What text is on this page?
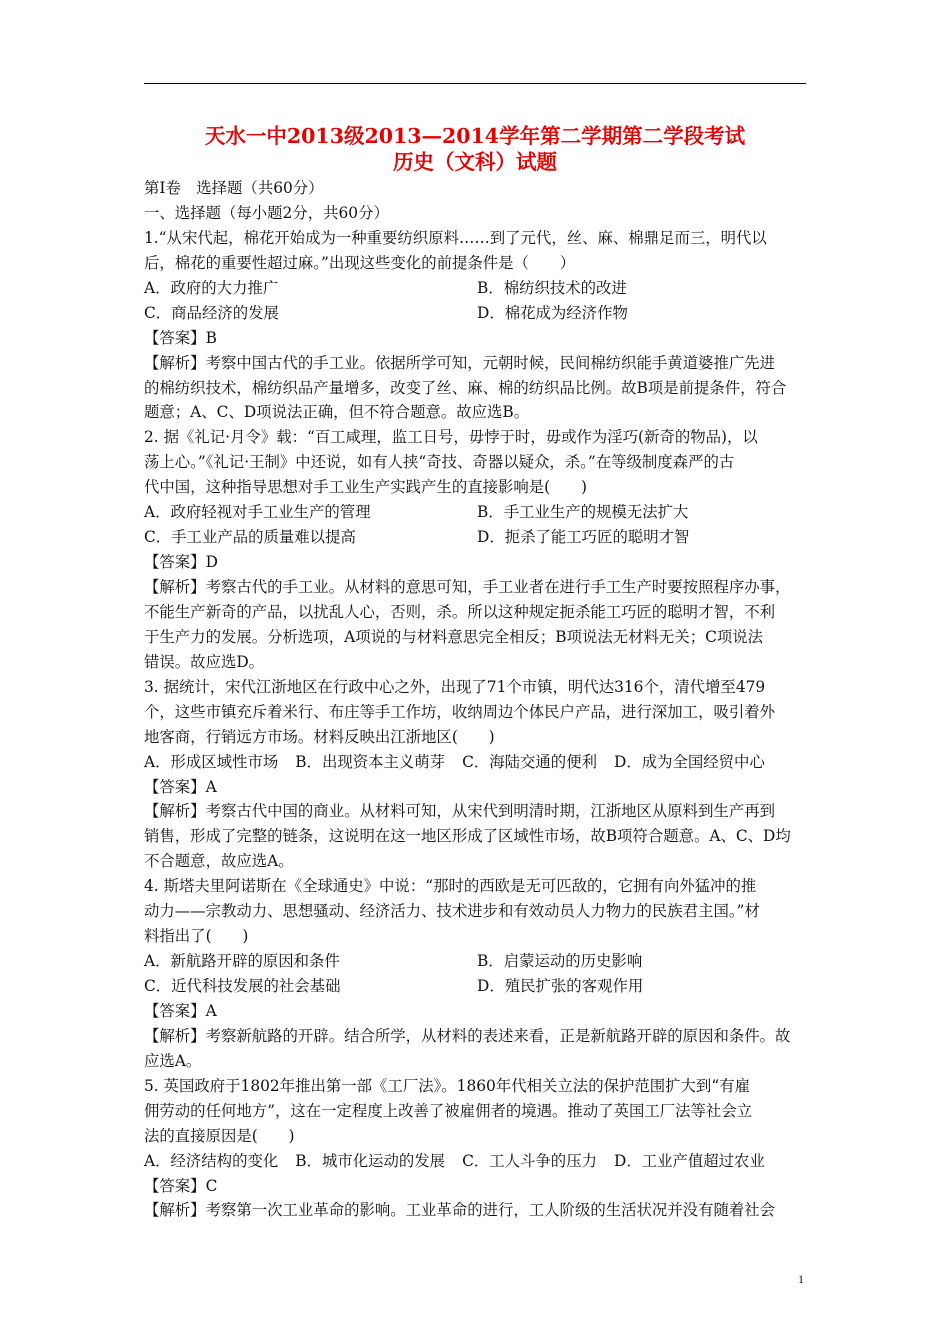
天水一中2013级2013—2014学年第二学期第二学段考试
历史（文科）试题
第Ⅰ卷　选择题（共60分）
一、选择题（每小题2分，共60分）
1.“从宋代起，棉花开始成为一种重要纺织原料……到了元代，丝、麻、棉鼎足而三，明代以
后，棉花的重要性超过麻。”出现这些变化的前提条件是（　　）
A．政府的大力推广	B．棉纺织技术的改进
C．商品经济的发展	D．棉花成为经济作物
【答案】B
【解析】考察中国古代的手工业。依据所学可知，元朝时候，民间棉纺织能手黄道婆推广先进
的棉纺织技术，棉纺织品产量增多，改变了丝、麻、棉的纺织品比例。故B项是前提条件，符合
题意；A、C、D项说法正确，但不符合题意。故应选B。
2. 据《礼记·月令》载：“百工咸理，监工日号，毋悖于时，毋或作为淫巧(新奇的物品)，以
荡上心。”《礼记·王制》中还说，如有人挟“奇技、奇器以疑众，杀。”在等级制度森严的古
代中国，这种指导思想对手工业生产实践产生的直接影响是(　　)
A．政府轻视对手工业生产的管理	B．手工业生产的规模无法扩大
C．手工业产品的质量难以提高	D．扼杀了能工巧匠的聪明才智
【答案】D
【解析】考察古代的手工业。从材料的意思可知，手工业者在进行手工生产时要按照程序办事，
不能生产新奇的产品，以扰乱人心，否则，杀。所以这种规定扼杀能工巧匠的聪明才智，不利
于生产力的发展。分析选项，A项说的与材料意思完全相反；B项说法无材料无关；C项说法
错误。故应选D。
3. 据统计，宋代江浙地区在行政中心之外，出现了71个市镇，明代达316个，清代增至479
个，这些市镇充斥着米行、布庄等手工作坊，收纳周边个体民户产品，进行深加工，吸引着外
地客商，行销远方市场。材料反映出江浙地区(　　)
A．形成区域性市场 B．出现资本主义萌芽 C．海陆交通的便利 D．成为全国经贸中心
【答案】A
【解析】考察古代中国的商业。从材料可知，从宋代到明清时期，江浙地区从原料到生产再到
销售，形成了完整的链条，这说明在这一地区形成了区域性市场，故B项符合题意。A、C、D均
不合题意，故应选A。
4. 斯塔夫里阿诺斯在《全球通史》中说：“那时的西欧是无可匹敌的，它拥有向外猛冲的推
动力——宗教动力、思想骚动、经济活力、技术进步和有效动员人力物力的民族君主国。”材
料指出了(　　)
A．新航路开辟的原因和条件	B．启蒙运动的历史影响
C．近代科技发展的社会基础	D．殖民扩张的客观作用
【答案】A
【解析】考察新航路的开辟。结合所学，从材料的表述来看，正是新航路开辟的原因和条件。故
应选A。
5. 英国政府于1802年推出第一部《工厂法》。1860年代相关立法的保护范围扩大到“有雇
佣劳动的任何地方”，这在一定程度上改善了被雇佣者的境遇。推动了英国工厂法等社会立
法的直接原因是(　　)
A．经济结构的变化 B．城市化运动的发展 C．工人斗争的压力 D．工业产值超过农业
【答案】C
【解析】考察第一次工业革命的影响。工业革命的进行，工人阶级的生活状况并没有随着社会
1
